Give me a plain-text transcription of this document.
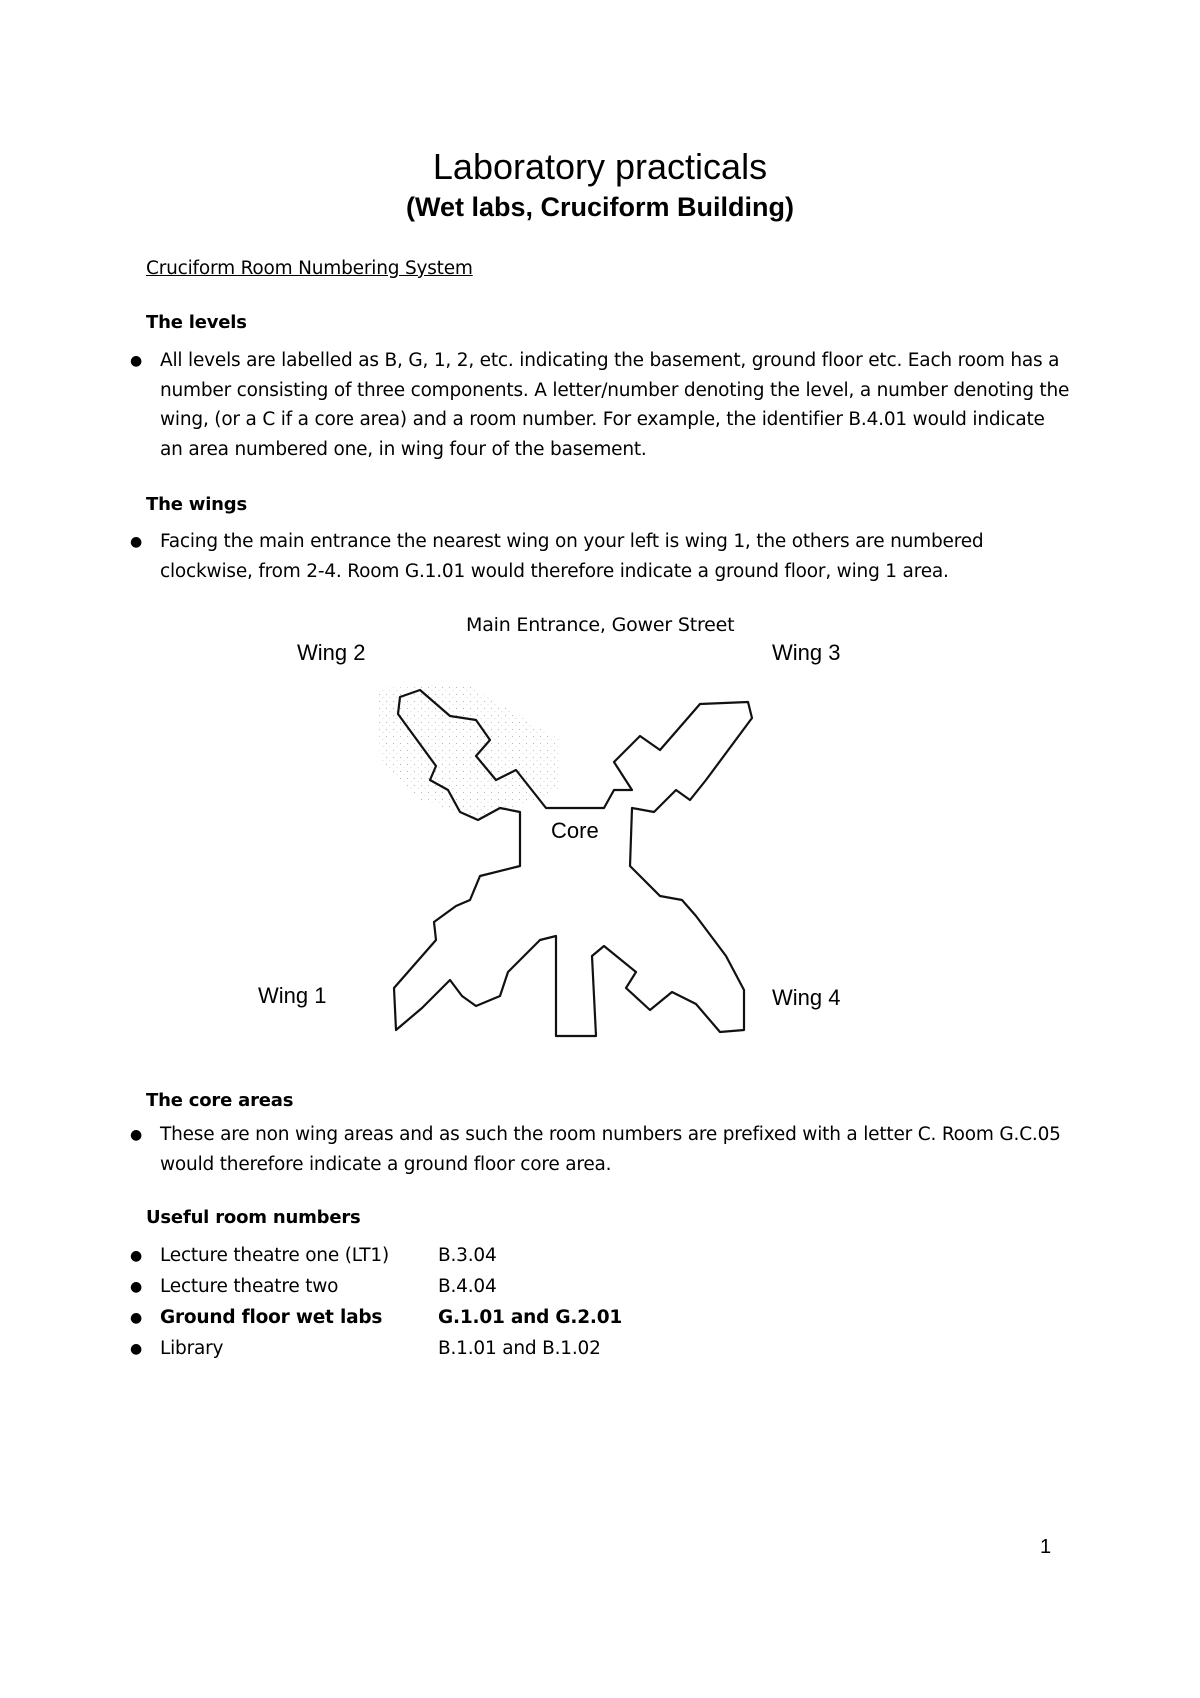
Laboratory practicals
(Wet labs, Cruciform Building)
Cruciform Room Numbering System
The levels
● All levels are labelled as B, G, 1, 2, etc. indicating the basement, ground floor etc. Each room has a number consisting of three components. A letter/number denoting the level, a number denoting the wing, (or a C if a core area) and a room number. For example, the identifier B.4.01 would indicate an area numbered one, in wing four of the basement.
The wings
● Facing the main entrance the nearest wing on your left is wing 1, the others are numbered clockwise, from 2-4. Room G.1.01 would therefore indicate a ground floor, wing 1 area.
Main Entrance, Gower Street
Wing 2	Wing 3
Core
Wing 1	Wing 4
The core areas
● These are non wing areas and as such the room numbers are prefixed with a letter C. Room G.C.05 would therefore indicate a ground floor core area.
Useful room numbers
● Lecture theatre one (LT1)	B.3.04
● Lecture theatre two	B.4.04
● Ground floor wet labs	G.1.01 and G.2.01
● Library	B.1.01 and B.1.02
1
